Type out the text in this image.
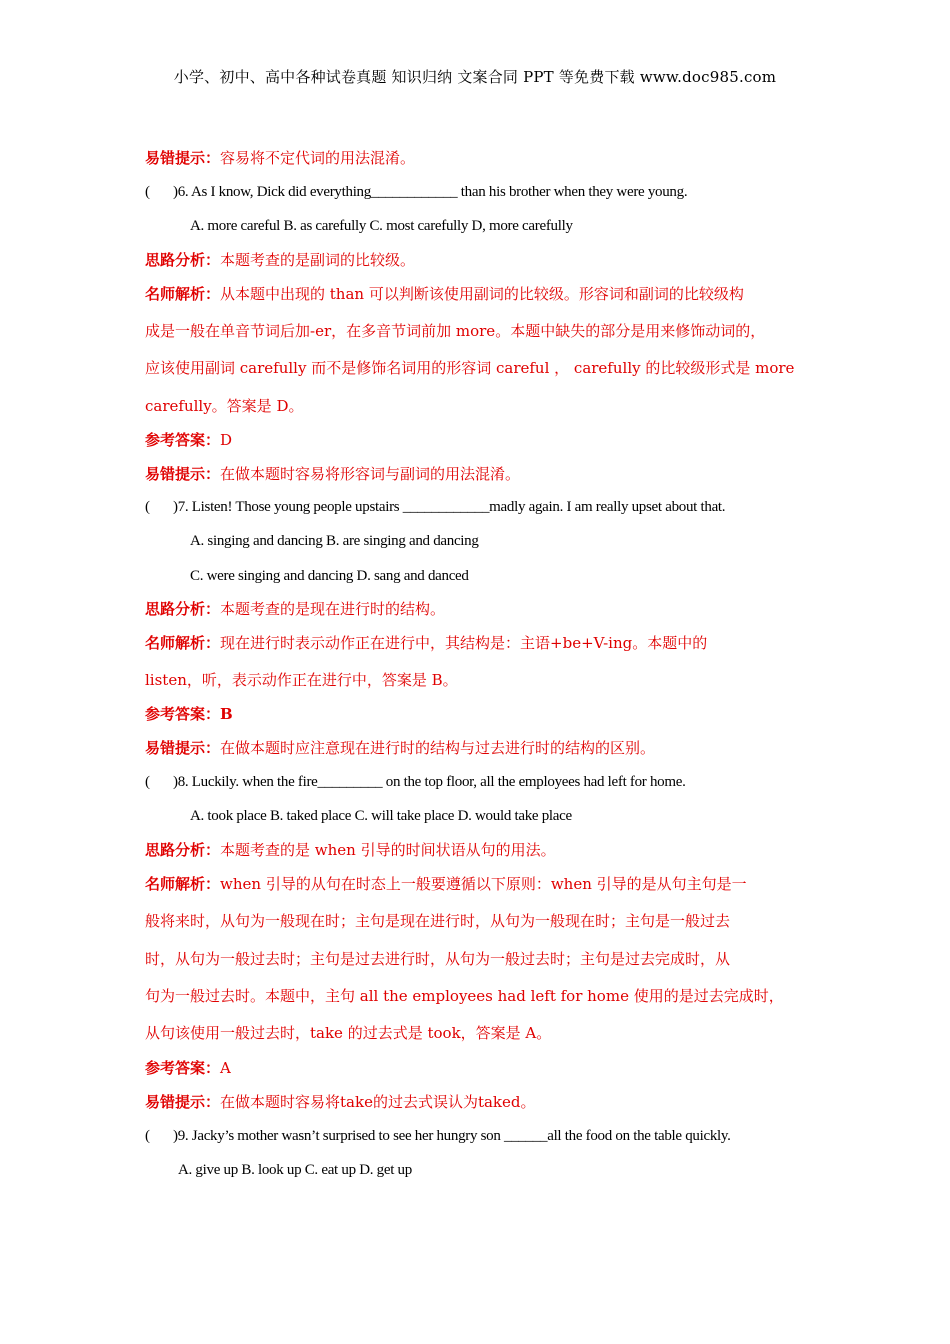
小学、初中、高中各种试卷真题 知识归纳 文案合同 PPT 等免费下载 www.doc985.com
易错提示：容易将不定代词的用法混淆。
( )6. As I know, Dick did everything____________ than his brother when they were young.
A. more careful B. as carefully C. most carefully D, more carefully
思路分析：本题考查的是副词的比较级。
名师解析：从本题中出现的 than 可以判断该使用副词的比较级。形容词和副词的比较级构
成是一般在单音节词后加-er，在多音节词前加 more。本题中缺失的部分是用来修饰动词的，
应该使用副词 carefully 而不是修饰名词用的形容词 careful ， carefully 的比较级形式是 more
carefully。答案是 D。
参考答案：D
易错提示：在做本题时容易将形容词与副词的用法混淆。
( )7. Listen! Those young people upstairs ____________madly again. I am really upset about that.
A. singing and dancing B. are singing and dancing
C. were singing and dancing D. sang and danced
思路分析：本题考查的是现在进行时的结构。
名师解析：现在进行时表示动作正在进行中，其结构是：主语+be+V-ing。本题中的
listen，听，表示动作正在进行中，答案是 B。
参考答案：B
易错提示：在做本题时应注意现在进行时的结构与过去进行时的结构的区别。
( )8. Luckily. when the fire_________ on the top floor, all the employees had left for home.
A. took place B. taked place C. will take place D. would take place
思路分析：本题考查的是 when 引导的时间状语从句的用法。
名师解析：when 引导的从句在时态上一般要遵循以下原则：when 引导的是从句主句是一
般将来时，从句为一般现在时；主句是现在进行时，从句为一般现在时；主句是一般过去
时，从句为一般过去时；主句是过去进行时，从句为一般过去时；主句是过去完成时，从
句为一般过去时。本题中，主句 all the employees had left for home 使用的是过去完成时，
从句该使用一般过去时，take 的过去式是 took，答案是 A。
参考答案：A
易错提示：在做本题时容易将take的过去式误认为taked。
( )9. Jacky’s mother wasn’t surprised to see her hungry son ______all the food on the table quickly.
A. give up B. look up C. eat up D. get up
